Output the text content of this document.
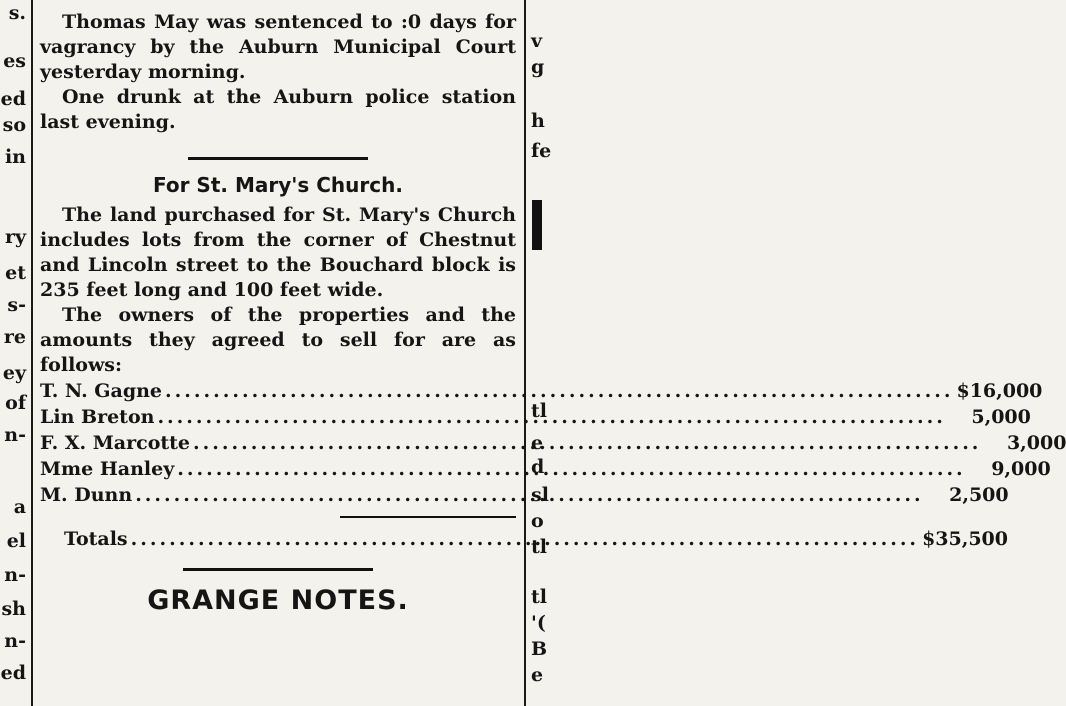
s.
es
ed
so
in
ry
et
s-
re
ey
of
n-
a
el
n-
sh
n-
ed
v
g
h
fe
tl
e
d
sl
o
tl
tl
'(
B
e

Thomas May was sentenced to :0 days for vagrancy by the Auburn Municipal Court yesterday morning.

One drunk at the Auburn police station last evening.

For St. Mary's Church.

The land purchased for St. Mary's Church includes lots from the corner of Chestnut and Lincoln street to the Bouchard block is 235 feet long and 100 feet wide.

The owners of the properties and the amounts they agreed to sell for are as follows:

T. N. Gagne .....	$16,000
Lin Breton .....	5,000
F. X. Marcotte .....	3,000
Mme Hanley .....	9,000
M. Dunn .....	2,500
Totals .....	$35,500

GRANGE NOTES.
